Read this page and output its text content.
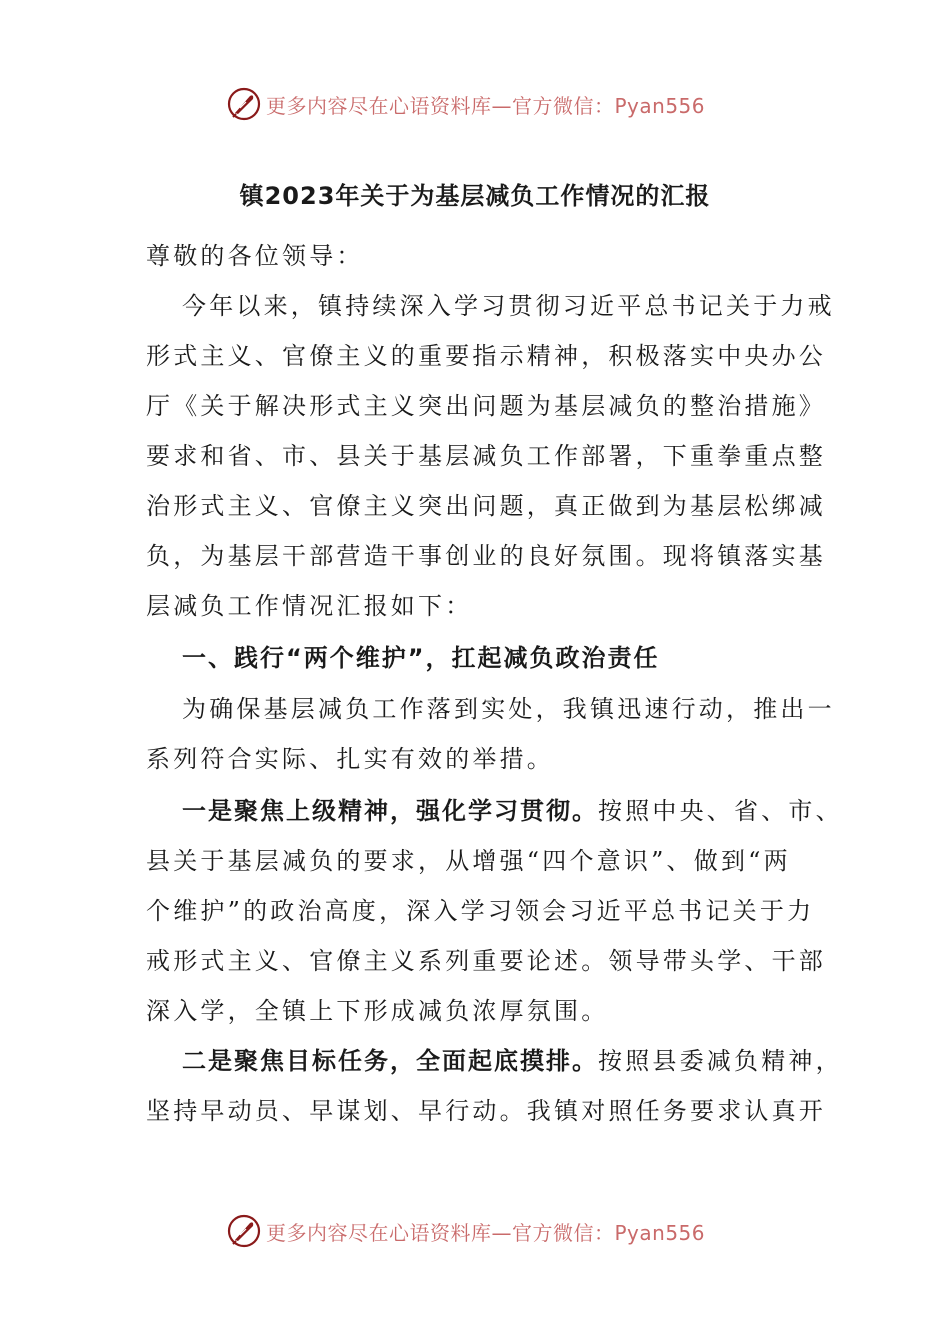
更多内容尽在心语资料库—官方微信：Pyan556
镇2023年关于为基层减负工作情况的汇报

尊敬的各位领导：

今年以来，镇持续深入学习贯彻习近平总书记关于力戒

形式主义、官僚主义的重要指示精神，积极落实中央办公

厅《关于解决形式主义突出问题为基层减负的整治措施》

要求和省、市、县关于基层减负工作部署，下重拳重点整

治形式主义、官僚主义突出问题，真正做到为基层松绑减

负，为基层干部营造干事创业的良好氛围。现将镇落实基

层减负工作情况汇报如下：

一、践行“两个维护”，扛起减负政治责任

为确保基层减负工作落到实处，我镇迅速行动，推出一

系列符合实际、扎实有效的举措。

一是聚焦上级精神，强化学习贯彻。按照中央、省、市、

县关于基层减负的要求，从增强“四个意识”、做到“两

个维护”的政治高度，深入学习领会习近平总书记关于力

戒形式主义、官僚主义系列重要论述。领导带头学、干部

深入学，全镇上下形成减负浓厚氛围。

二是聚焦目标任务，全面起底摸排。按照县委减负精神，

坚持早动员、早谋划、早行动。我镇对照任务要求认真开

更多内容尽在心语资料库—官方微信：Pyan556
